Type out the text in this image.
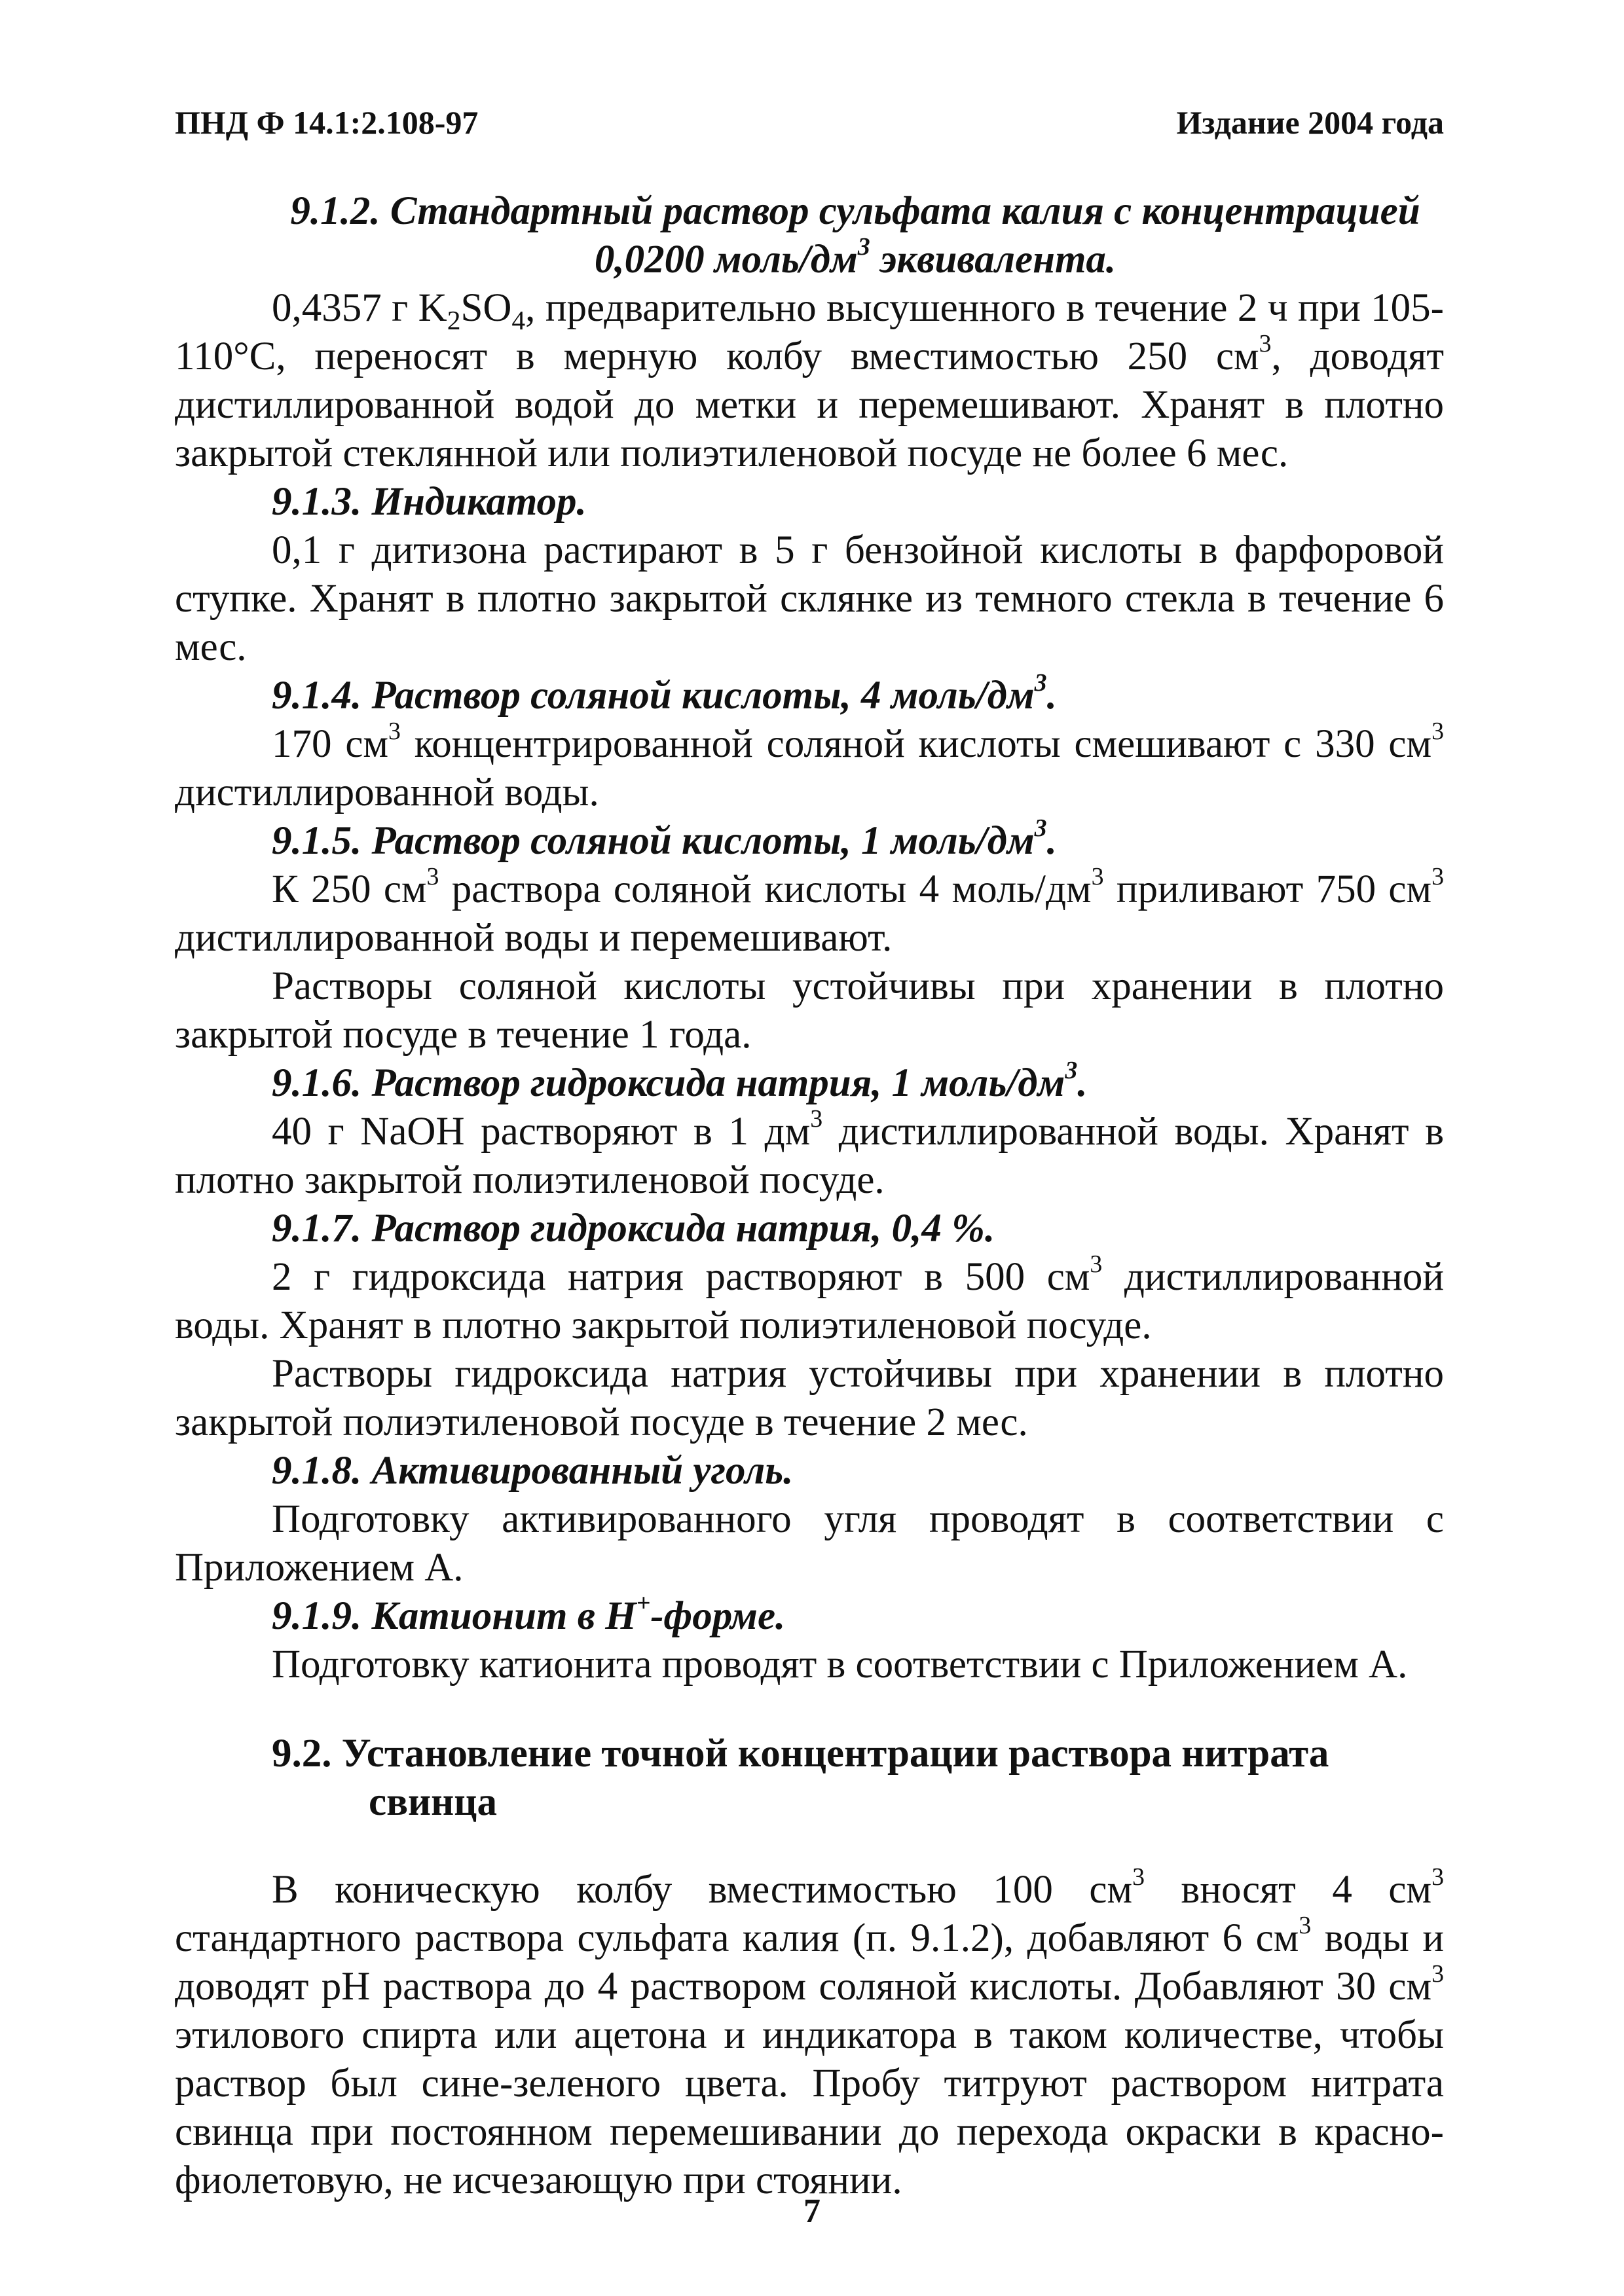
ПНД Ф 14.1:2.108-97	Издание 2004 года
9.1.2. Стандартный раствор сульфата калия с концентрацией
0,0200 моль/$дм^3$ эквивалента.

0,4357 г $K_2SO_4$, предварительно высушенного в течение 2 ч при 105-110°С, переносят в мерную колбу вместимостью 250 $см^3$, доводят дистиллированной водой до метки и перемешивают. Хранят в плотно закрытой стеклянной или полиэтиленовой посуде не более 6 мес.

9.1.3. Индикатор.

0,1 г дитизона растирают в 5 г бензойной кислоты в фарфоровой ступке. Хранят в плотно закрытой склянке из темного стекла в течение 6 мес.

9.1.4. Раствор соляной кислоты, 4 моль/$дм^3$.

170 $см^3$ концентрированной соляной кислоты смешивают с 330 $см^3$ дистиллированной воды.

9.1.5. Раствор соляной кислоты, 1 моль/$дм^3$.

К 250 $см^3$ раствора соляной кислоты 4 моль/$дм^3$ приливают 750 $см^3$ дистиллированной воды и перемешивают.

Растворы соляной кислоты устойчивы при хранении в плотно закрытой посуде в течение 1 года.

9.1.6. Раствор гидроксида натрия, 1 моль/$дм^3$.

40 г NaOH растворяют в 1 $дм^3$ дистиллированной воды. Хранят в плотно закрытой полиэтиленовой посуде.

9.1.7. Раствор гидроксида натрия, 0,4 %.

2 г гидроксида натрия растворяют в 500 $см^3$ дистиллированной воды. Хранят в плотно закрытой полиэтиленовой посуде.

Растворы гидроксида натрия устойчивы при хранении в плотно закрытой полиэтиленовой посуде в течение 2 мес.

9.1.8. Активированный уголь.

Подготовку активированного угля проводят в соответствии с Приложением А.

9.1.9. Катионит в H+-форме.

Подготовку катионита проводят в соответствии с Приложением А.

9.2. Установление точной концентрации раствора нитрата
свинца

В коническую колбу вместимостью 100 $см^3$ вносят 4 $см^3$ стандартного раствора сульфата калия (п. 9.1.2), добавляют 6 $см^3$ воды и доводят pH раствора до 4 раствором соляной кислоты. Добавляют 30 $см^3$ этилового спирта или ацетона и индикатора в таком количестве, чтобы раствор был сине-зеленого цвета. Пробу титруют раствором нитрата свинца при постоянном перемешивании до перехода окраски в красно-фиолетовую, не исчезающую при стоянии.

7
